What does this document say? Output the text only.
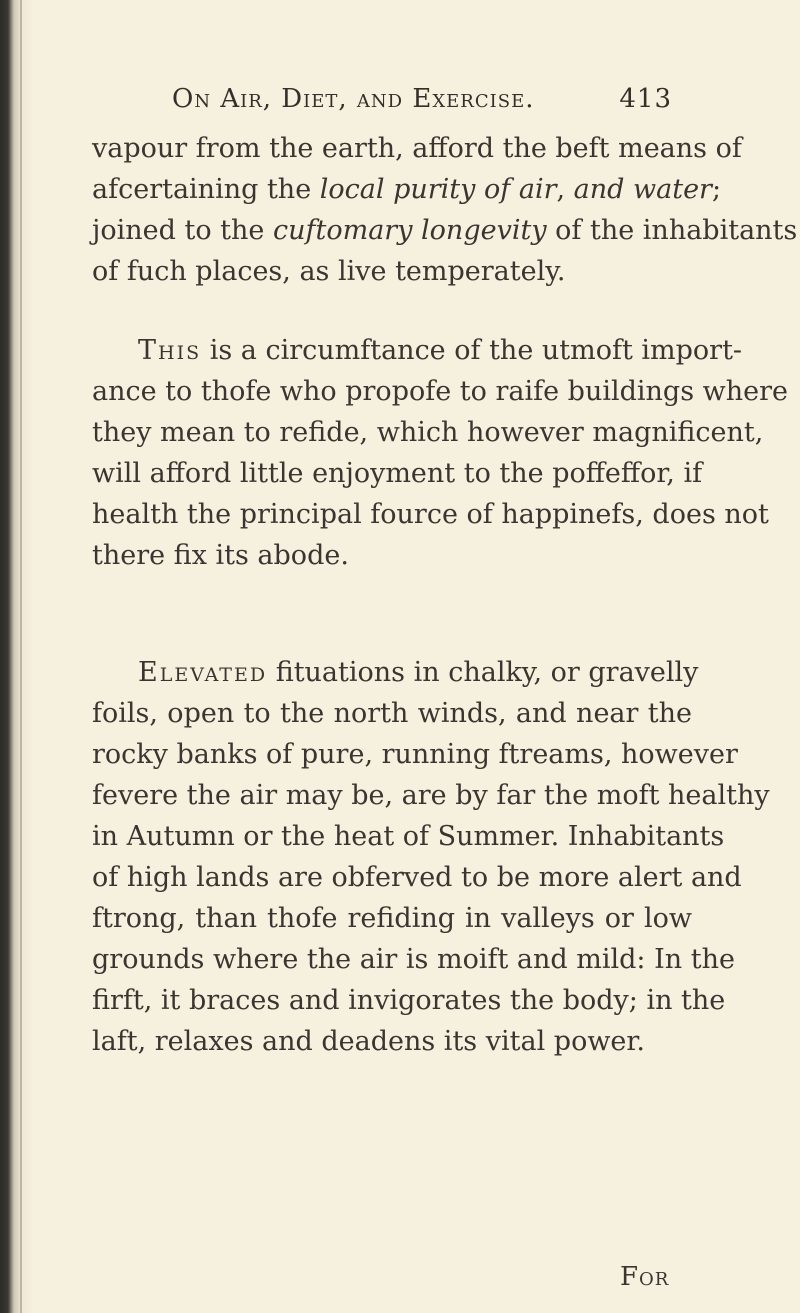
On Air, Diet, and Exercise.	413
vapour from the earth, afford the beft means of
afcertaining the local purity of air, and water;
joined to the cuftomary longevity of the inhabitants
of fuch places, as live temperately.
This is a circumftance of the utmoft import-
ance to thofe who propofe to raife buildings where
they mean to refide, which however magnificent,
will afford little enjoyment to the poffeffor, if
health the principal fource of happinefs, does not
there fix its abode.
Elevated fituations in chalky, or gravelly
foils, open to the north winds, and near the
rocky banks of pure, running ftreams, however
fevere the air may be, are by far the moft healthy
in Autumn or the heat of Summer. Inhabitants
of high lands are obferved to be more alert and
ftrong, than thofe refiding in valleys or low
grounds where the air is moift and mild: In the
firft, it braces and invigorates the body; in the
laft, relaxes and deadens its vital power.
For
